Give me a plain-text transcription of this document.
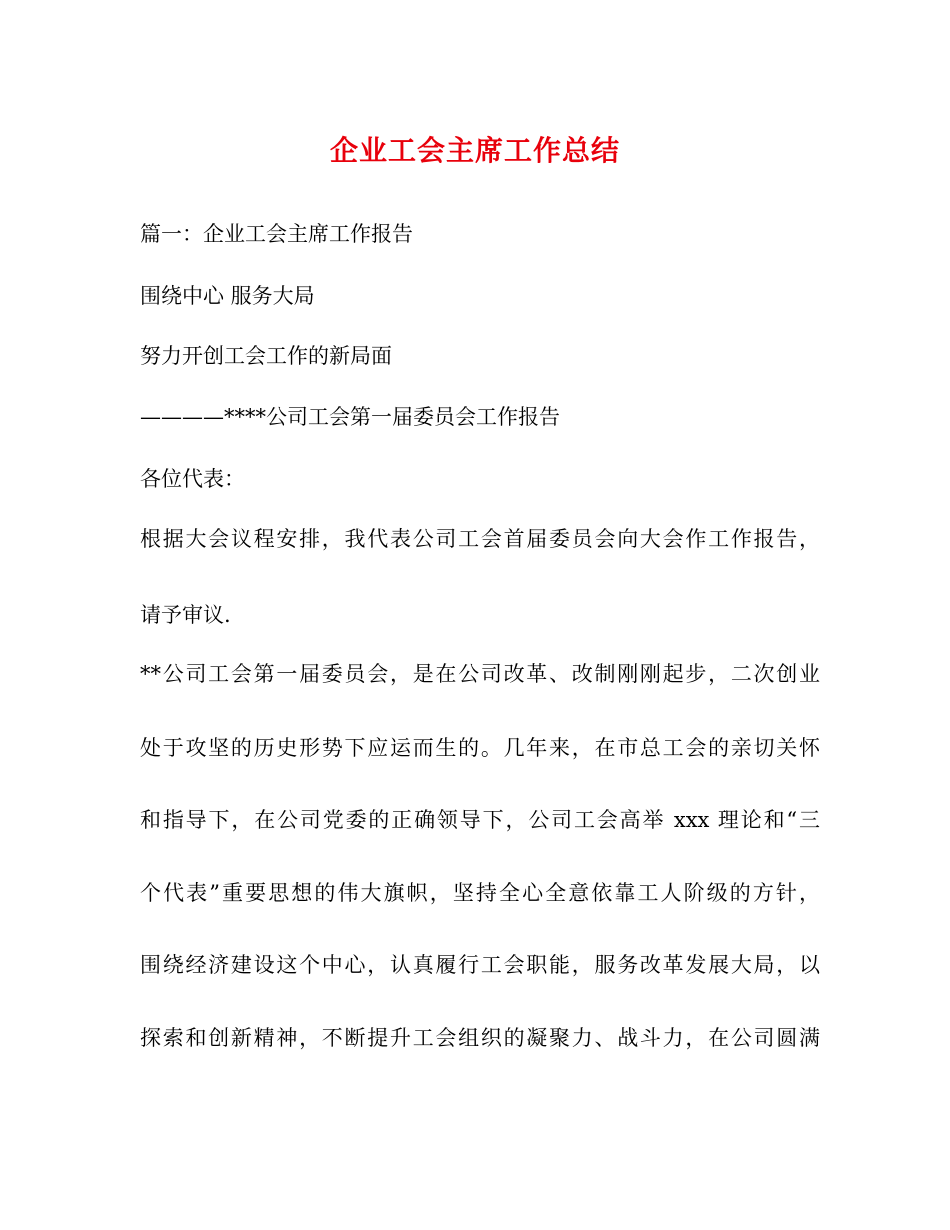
企业工会主席工作总结
篇一：企业工会主席工作报告
围绕中心 服务大局
努力开创工会工作的新局面
————****公司工会第一届委员会工作报告
各位代表：
根据大会议程安排，我代表公司工会首届委员会向大会作工作报告，
请予审议.
**公司工会第一届委员会，是在公司改革、改制刚刚起步，二次创业
处于攻坚的历史形势下应运而生的。几年来，在市总工会的亲切关怀
和指导下，在公司党委的正确领导下，公司工会高举 xxx 理论和“三
个代表”重要思想的伟大旗帜，坚持全心全意依靠工人阶级的方针，
围绕经济建设这个中心，认真履行工会职能，服务改革发展大局，以
探索和创新精神，不断提升工会组织的凝聚力、战斗力，在公司圆满
